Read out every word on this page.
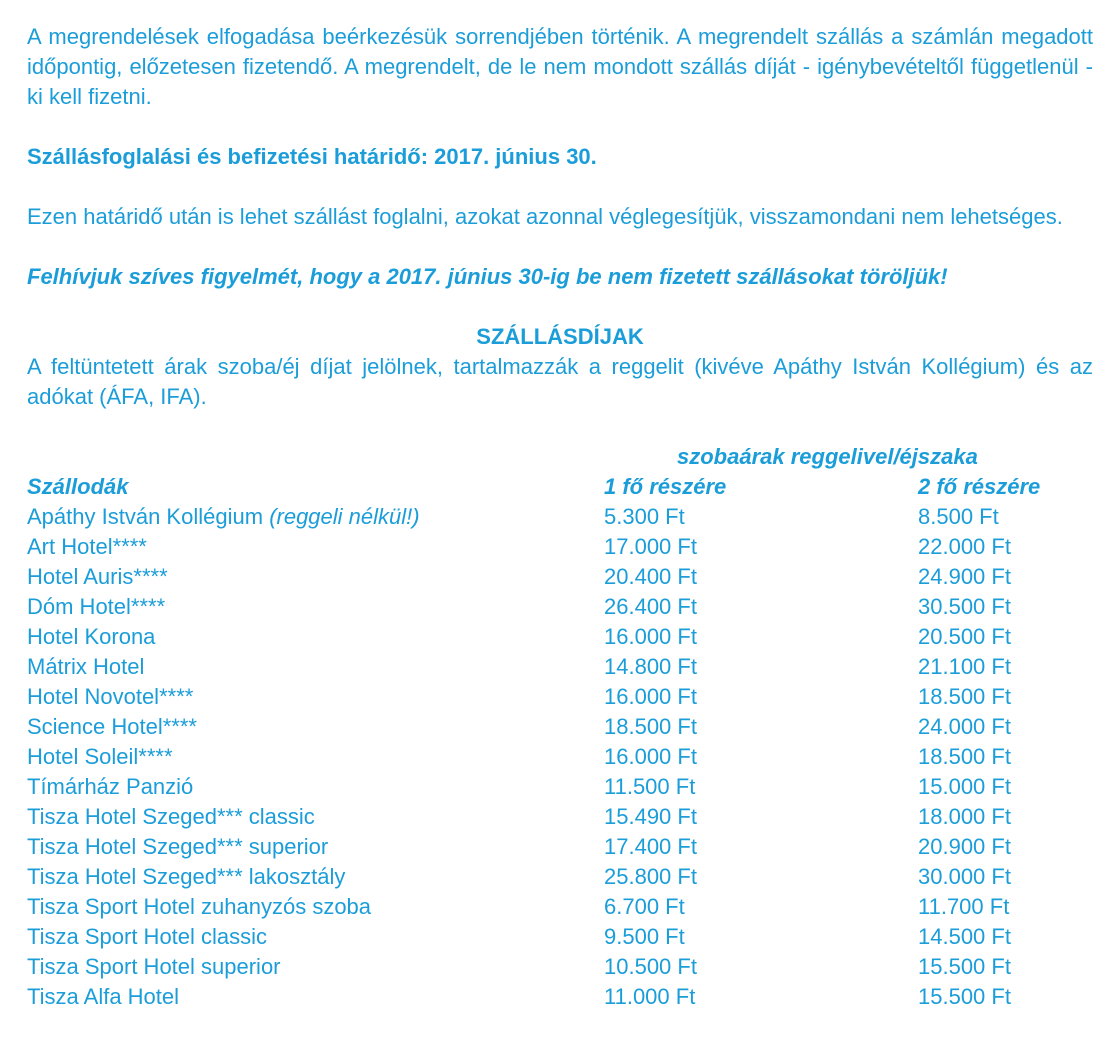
A megrendelések elfogadása beérkezésük sorrendjében történik. A megrendelt szállás a számlán megadott időpontig, előzetesen fizetendő. A megrendelt, de le nem mondott szállás díját - igénybevételtől függetlenül - ki kell fizetni.

Szállásfoglalási és befizetési határidő: 2017. június 30.

Ezen határidő után is lehet szállást foglalni, azokat azonnal véglegesítjük, visszamondani nem lehetséges.

Felhívjuk szíves figyelmét, hogy a 2017. június 30-ig be nem fizetett szállásokat töröljük!

SZÁLLÁSDÍJAK

A feltüntetett árak szoba/éj díjat jelölnek, tartalmazzák a reggelit (kivéve Apáthy István Kollégium) és az adókat (ÁFA, IFA).

szobaárak reggelivel/éjszaka
Szállodák	1 fő részére	2 fő részére
Apáthy István Kollégium (reggeli nélkül!)	5.300 Ft	8.500 Ft
Art Hotel****	17.000 Ft	22.000 Ft
Hotel Auris****	20.400 Ft	24.900 Ft
Dóm Hotel****	26.400 Ft	30.500 Ft
Hotel Korona	16.000 Ft	20.500 Ft
Mátrix Hotel	14.800 Ft	21.100 Ft
Hotel Novotel****	16.000 Ft	18.500 Ft
Science Hotel****	18.500 Ft	24.000 Ft
Hotel Soleil****	16.000 Ft	18.500 Ft
Tímárház Panzió	11.500 Ft	15.000 Ft
Tisza Hotel Szeged*** classic	15.490 Ft	18.000 Ft
Tisza Hotel Szeged*** superior	17.400 Ft	20.900 Ft
Tisza Hotel Szeged*** lakosztály	25.800 Ft	30.000 Ft
Tisza Sport Hotel zuhanyzós szoba	6.700 Ft	11.700 Ft
Tisza Sport Hotel classic	9.500 Ft	14.500 Ft
Tisza Sport Hotel superior	10.500 Ft	15.500 Ft
Tisza Alfa Hotel	11.000 Ft	15.500 Ft
